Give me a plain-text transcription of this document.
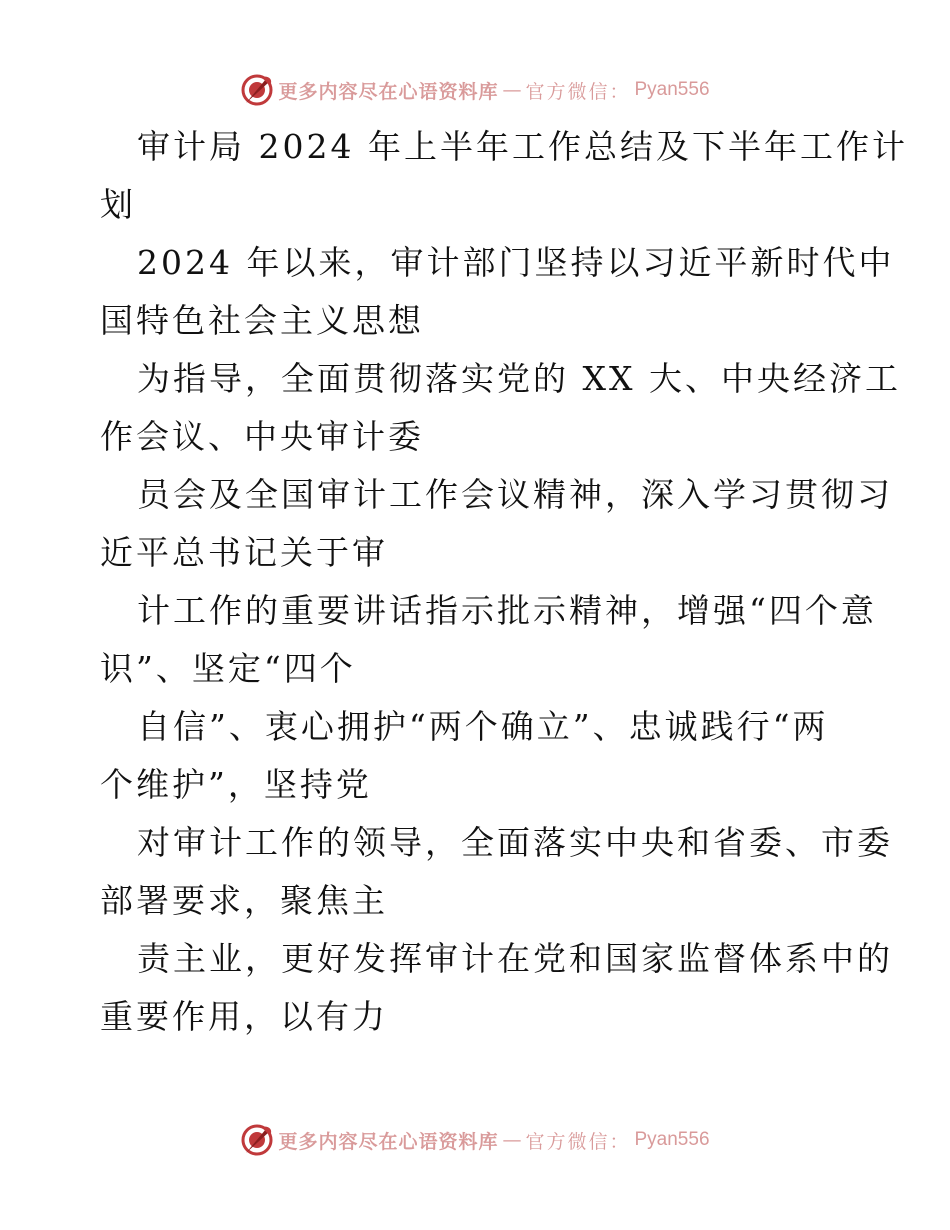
更多内容尽在心语资料库 — 官方微信： Pyan556
审计局 2024 年上半年工作总结及下半年工作计
划
2024 年以来，审计部门坚持以习近平新时代中
国特色社会主义思想
为指导，全面贯彻落实党的 XX 大、中央经济工
作会议、中央审计委
员会及全国审计工作会议精神，深入学习贯彻习
近平总书记关于审
计工作的重要讲话指示批示精神，增强“四个意
识”、坚定“四个
自信”、衷心拥护“两个确立”、忠诚践行“两
个维护”，坚持党
对审计工作的领导，全面落实中央和省委、市委
部署要求，聚焦主
责主业，更好发挥审计在党和国家监督体系中的
重要作用，以有力
更多内容尽在心语资料库 — 官方微信： Pyan556
